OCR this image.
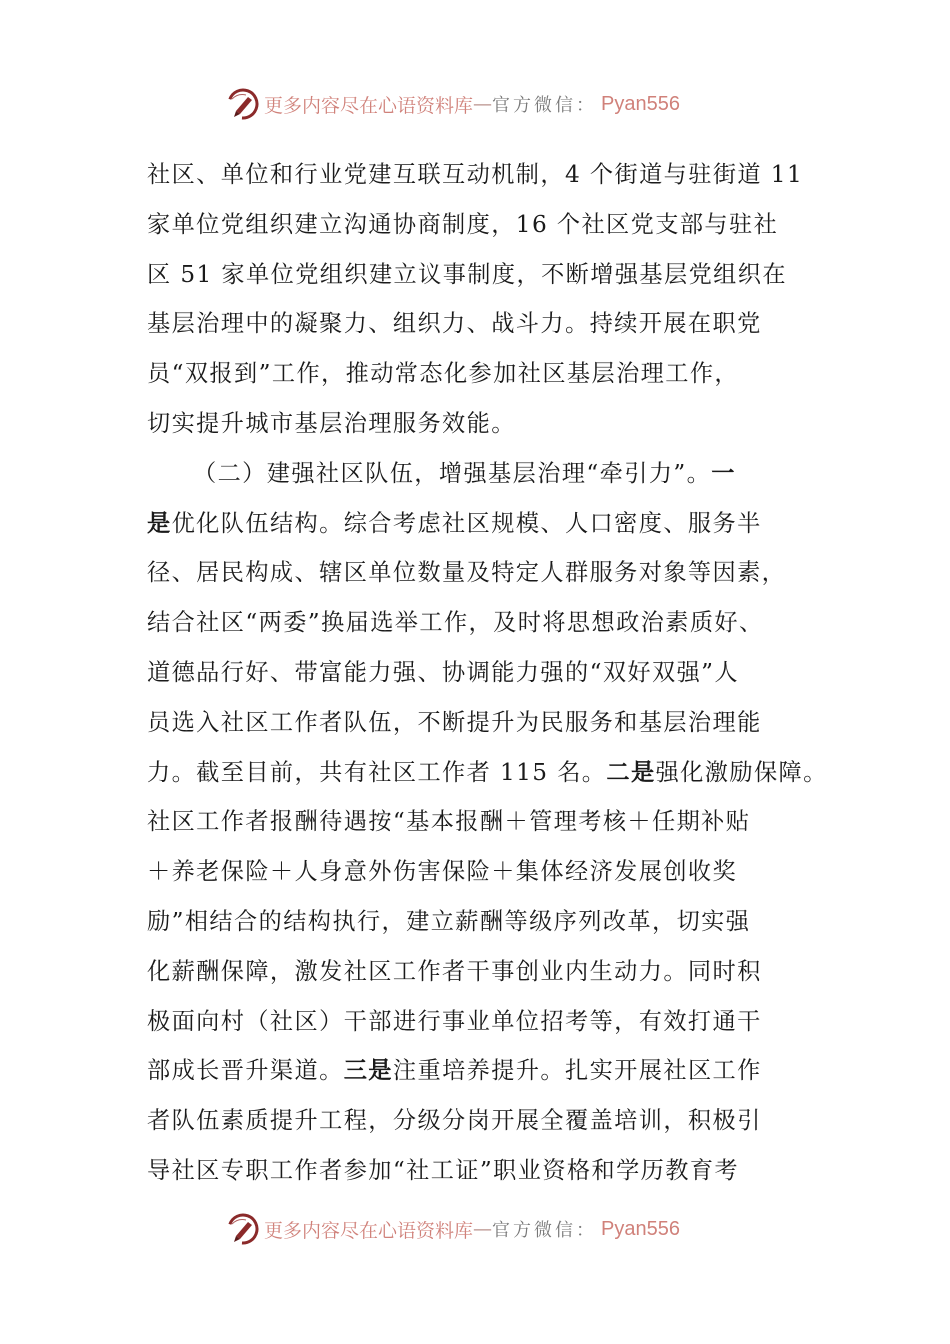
更多内容尽在心语资料库 — 官方微信： Pyan556
社区、单位和行业党建互联互动机制，4 个街道与驻街道 11
家单位党组织建立沟通协商制度，16 个社区党支部与驻社
区 51 家单位党组织建立议事制度，不断增强基层党组织在
基层治理中的凝聚力、组织力、战斗力。持续开展在职党
员“双报到”工作，推动常态化参加社区基层治理工作，
切实提升城市基层治理服务效能。
（二）建强社区队伍，增强基层治理“牵引力”。一
是优化队伍结构。综合考虑社区规模、人口密度、服务半
径、居民构成、辖区单位数量及特定人群服务对象等因素，
结合社区“两委”换届选举工作，及时将思想政治素质好、
道德品行好、带富能力强、协调能力强的“双好双强”人
员选入社区工作者队伍，不断提升为民服务和基层治理能
力。截至目前，共有社区工作者 115 名。二是强化激励保障。
社区工作者报酬待遇按“基本报酬＋管理考核＋任期补贴
＋养老保险＋人身意外伤害保险＋集体经济发展创收奖
励”相结合的结构执行，建立薪酬等级序列改革，切实强
化薪酬保障，激发社区工作者干事创业内生动力。同时积
极面向村（社区）干部进行事业单位招考等，有效打通干
部成长晋升渠道。三是注重培养提升。扎实开展社区工作
者队伍素质提升工程，分级分岗开展全覆盖培训，积极引
导社区专职工作者参加“社工证”职业资格和学历教育考
更多内容尽在心语资料库 — 官方微信： Pyan556
